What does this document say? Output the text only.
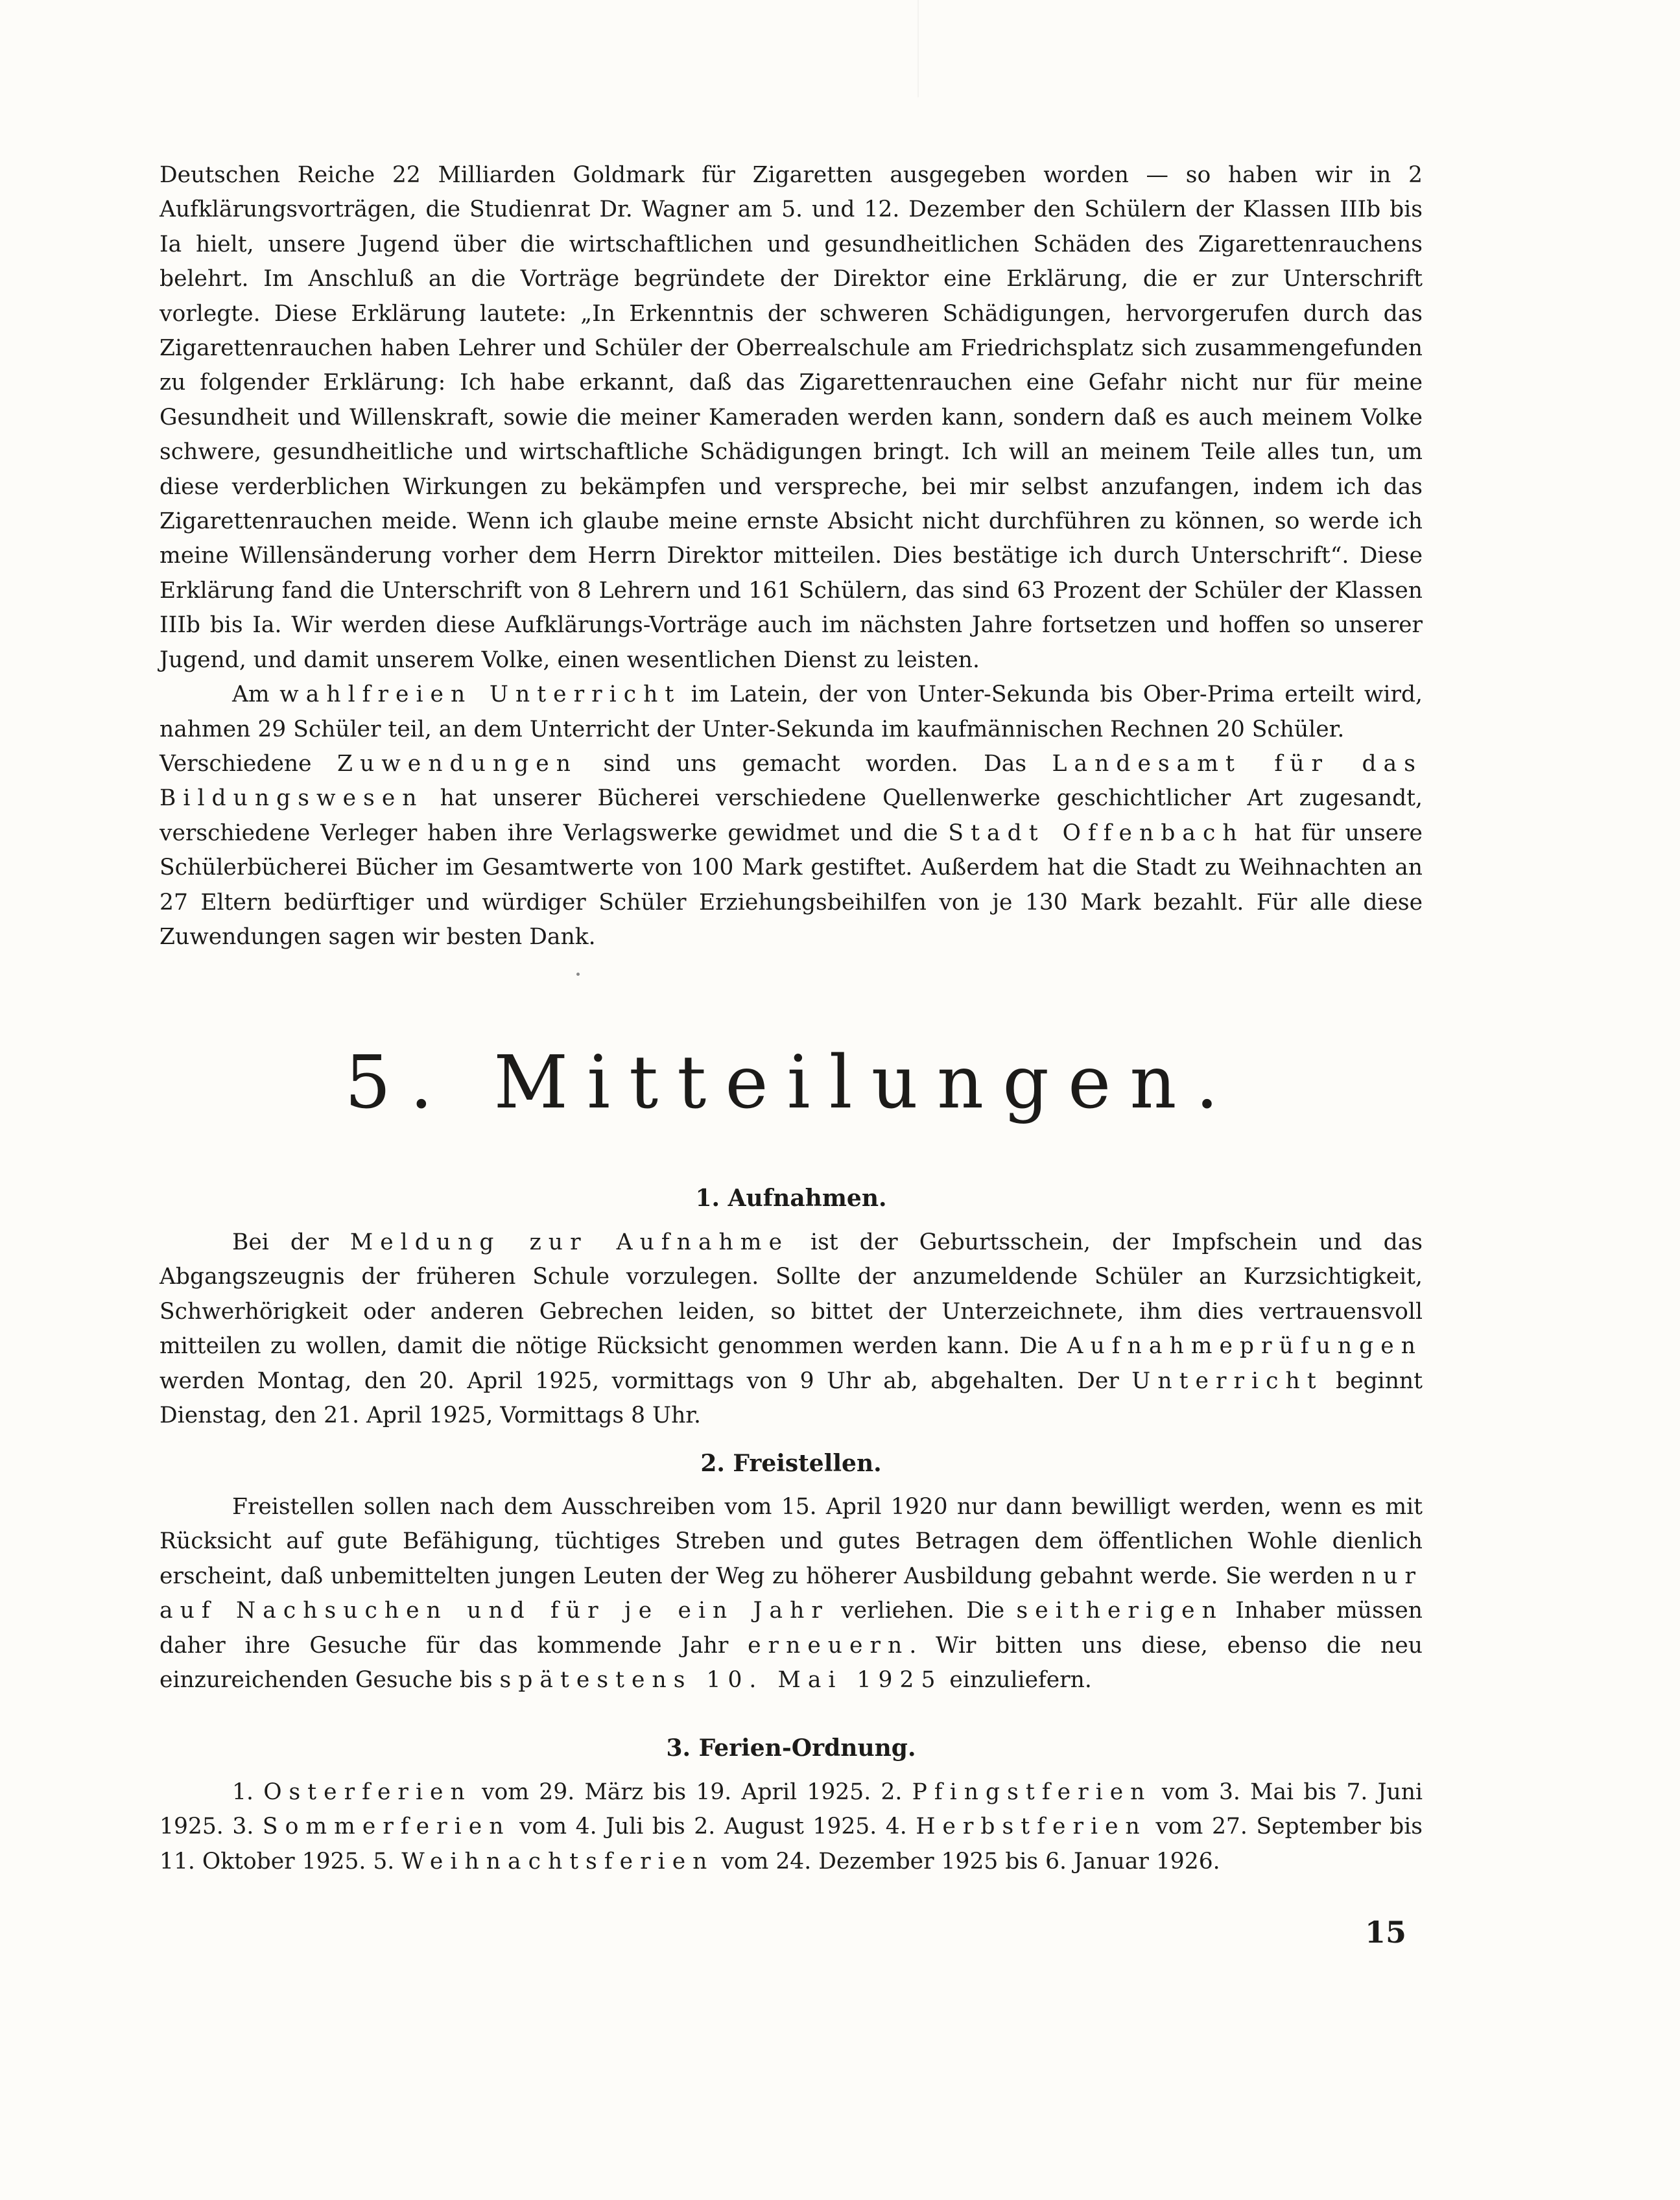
Deutschen Reiche 22 Milliarden Goldmark für Zigaretten ausgegeben worden — so haben wir in 2 Aufklärungsvorträgen, die Studienrat Dr. Wagner am 5. und 12. Dezember den Schülern der Klassen IIIb bis Ia hielt, unsere Jugend über die wirtschaftlichen und gesundheitlichen Schäden des Zigarettenrauchens belehrt. Im Anschluß an die Vorträge begründete der Direktor eine Erklärung, die er zur Unterschrift vorlegte. Diese Erklärung lautete: „In Erkenntnis der schweren Schädigungen, hervorgerufen durch das Zigarettenrauchen haben Lehrer und Schüler der Oberrealschule am Friedrichsplatz sich zusammengefunden zu folgender Erklärung: Ich habe erkannt, daß das Zigarettenrauchen eine Gefahr nicht nur für meine Gesundheit und Willenskraft, sowie die meiner Kameraden werden kann, sondern daß es auch meinem Volke schwere, gesundheitliche und wirtschaftliche Schädigungen bringt. Ich will an meinem Teile alles tun, um diese verderblichen Wirkungen zu bekämpfen und verspreche, bei mir selbst anzufangen, indem ich das Zigarettenrauchen meide. Wenn ich glaube meine ernste Absicht nicht durchführen zu können, so werde ich meine Willensänderung vorher dem Herrn Direktor mitteilen. Dies bestätige ich durch Unterschrift“. Diese Erklärung fand die Unterschrift von 8 Lehrern und 161 Schülern, das sind 63 Prozent der Schüler der Klassen IIIb bis Ia. Wir werden diese Aufklärungs-Vorträge auch im nächsten Jahre fortsetzen und hoffen so unserer Jugend, und damit unserem Volke, einen wesentlichen Dienst zu leisten.

Am wahlfreien Unterricht im Latein, der von Unter-Sekunda bis Ober-Prima erteilt wird, nahmen 29 Schüler teil, an dem Unterricht der Unter-Sekunda im kaufmännischen Rechnen 20 Schüler.

Verschiedene Zuwendungen sind uns gemacht worden. Das Landesamt für das Bildungswesen hat unserer Bücherei verschiedene Quellenwerke geschichtlicher Art zugesandt, verschiedene Verleger haben ihre Verlagswerke gewidmet und die Stadt Offenbach hat für unsere Schülerbücherei Bücher im Gesamtwerte von 100 Mark gestiftet. Außerdem hat die Stadt zu Weihnachten an 27 Eltern bedürftiger und würdiger Schüler Erziehungsbeihilfen von je 130 Mark bezahlt. Für alle diese Zuwendungen sagen wir besten Dank.

5. Mitteilungen.
1. Aufnahmen.

Bei der Meldung zur Aufnahme ist der Geburtsschein, der Impfschein und das Abgangszeugnis der früheren Schule vorzulegen. Sollte der anzumeldende Schüler an Kurzsichtigkeit, Schwerhörigkeit oder anderen Gebrechen leiden, so bittet der Unterzeichnete, ihm dies vertrauensvoll mitteilen zu wollen, damit die nötige Rücksicht genommen werden kann. Die Aufnahmeprüfungen werden Montag, den 20. April 1925, vormittags von 9 Uhr ab, abgehalten. Der Unterricht beginnt Dienstag, den 21. April 1925, Vormittags 8 Uhr.

2. Freistellen.

Freistellen sollen nach dem Ausschreiben vom 15. April 1920 nur dann bewilligt werden, wenn es mit Rücksicht auf gute Befähigung, tüchtiges Streben und gutes Betragen dem öffentlichen Wohle dienlich erscheint, daß unbemittelten jungen Leuten der Weg zu höherer Ausbildung gebahnt werde. Sie werden nur auf Nachsuchen und für je ein Jahr verliehen. Die seitherigen Inhaber müssen daher ihre Gesuche für das kommende Jahr erneuern. Wir bitten uns diese, ebenso die neu einzureichenden Gesuche bis spätestens 10. Mai 1925 einzuliefern.

3. Ferien-Ordnung.

1. Osterferien vom 29. März bis 19. April 1925. 2. Pfingstferien vom 3. Mai bis 7. Juni 1925. 3. Sommerferien vom 4. Juli bis 2. August 1925. 4. Herbstferien vom 27. September bis 11. Oktober 1925. 5. Weihnachtsferien vom 24. Dezember 1925 bis 6. Januar 1926.

15
